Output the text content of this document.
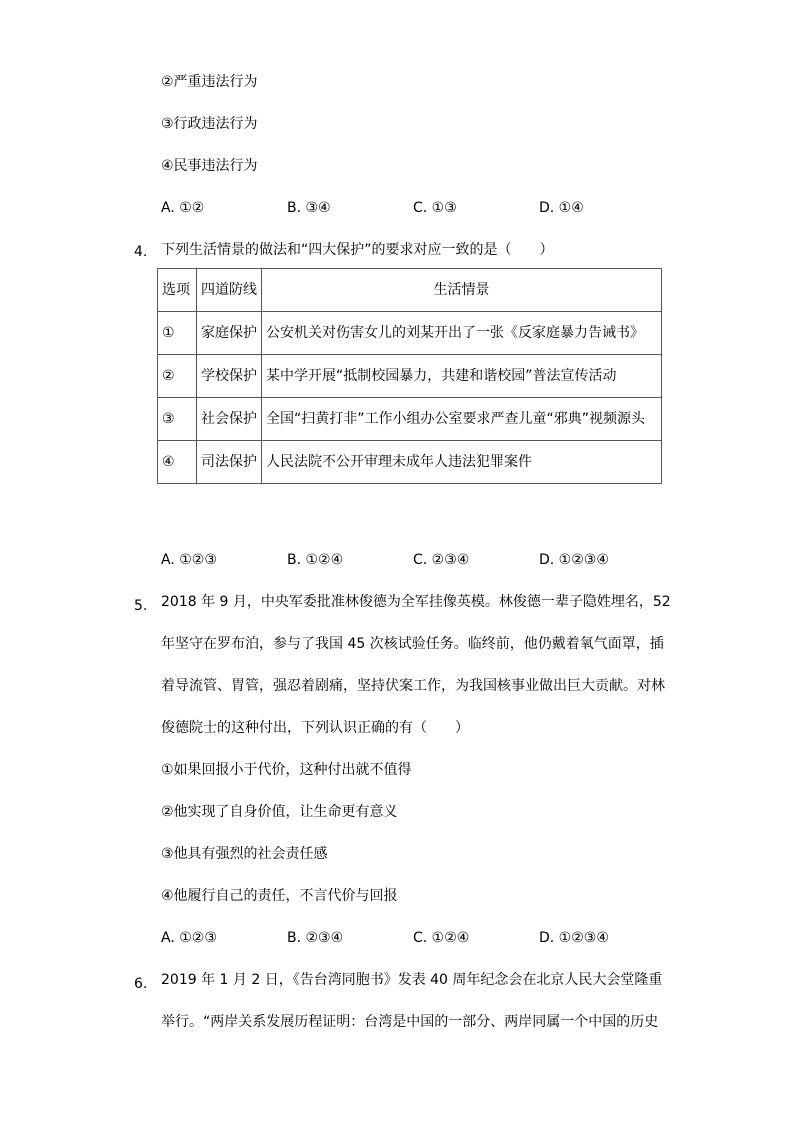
②严重违法行为
③行政违法行为
④民事违法行为
A. ①②	B. ③④	C. ①③	D. ①④
4. 下列生活情景的做法和“四大保护”的要求对应一致的是（　　）
选项	四道防线	生活情景
①	家庭保护	公安机关对伤害女儿的刘某开出了一张《反家庭暴力告诫书》
②	学校保护	某中学开展“抵制校园暴力，共建和谐校园”普法宣传活动
③	社会保护	全国“扫黄打非”工作小组办公室要求严查儿童“邪典”视频源头
④	司法保护	人民法院不公开审理未成年人违法犯罪案件
A. ①②③	B. ①②④	C. ②③④	D. ①②③④
5. 2018 年 9 月，中央军委批准林俊德为全军挂像英模。林俊德一辈子隐姓埋名，52
年坚守在罗布泊，参与了我国 45 次核试验任务。临终前，他仍戴着氧气面罩，插
着导流管、胃管，强忍着剧痛，坚持伏案工作，为我国核事业做出巨大贡献。对林
俊德院士的这种付出，下列认识正确的有（　　）
①如果回报小于代价，这种付出就不值得
②他实现了自身价值，让生命更有意义
③他具有强烈的社会责任感
④他履行自己的责任，不言代价与回报
A. ①②③	B. ②③④	C. ①②④	D. ①②③④
6. 2019 年 1 月 2 日，《告台湾同胞书》发表 40 周年纪念会在北京人民大会堂隆重
举行。“两岸关系发展历程证明：台湾是中国的一部分、两岸同属一个中国的历史
